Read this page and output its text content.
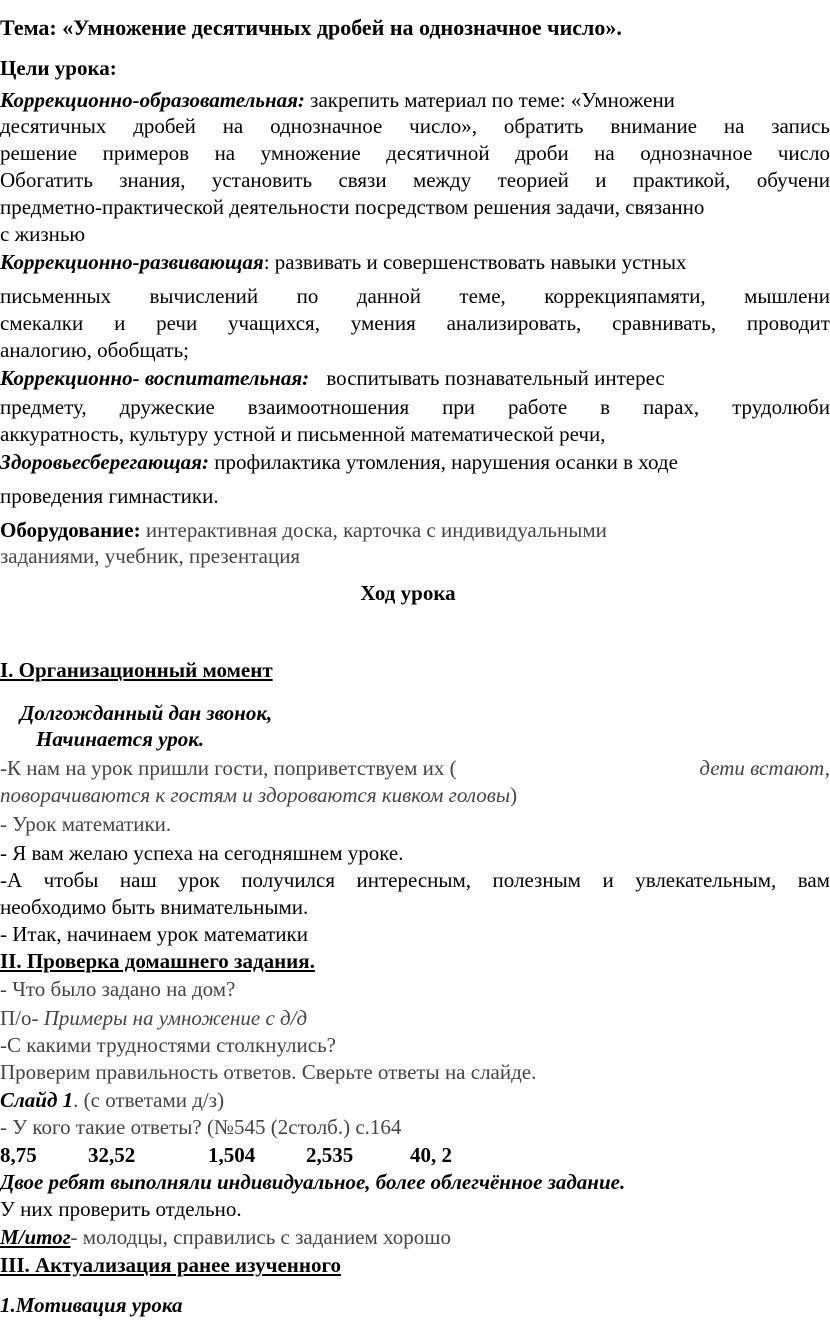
Тема: «Умножение десятичных дробей на однозначное число».
Цели урока:
Коррекционно-образовательная: закрепить материал по теме: «Умножени
десятичных дробей на однозначное число», обратить внимание на запись
решение примеров на умножение десятичной дроби на однозначное число
Обогатить знания, установить связи между теорией и практикой, обучени
предметно-практической деятельности посредством решения задачи, связанно
с жизнью
Коррекционно-развивающая: развивать и совершенствовать навыки устных
письменных вычислений по данной теме, коррекцияпамяти, мышлени
смекалки и речи учащихся, умения анализировать, сравнивать, проводит
аналогию, обобщать;
Коррекционно- воспитательная: воспитывать познавательный интерес
предмету, дружеские взаимоотношения при работе в парах, трудолюби
аккуратность, культуру устной и письменной математической речи,
Здоровьесберегающая: профилактика утомления, нарушения осанки в ходе
проведения гимнастики.
Оборудование: интерактивная доска, карточка с индивидуальными
заданиями, учебник, презентация
Ход урока
I. Организационный момент
Долгожданный дан звонок,
Начинается урок.
-К нам на урок пришли гости, поприветствуем их (	дети встают,
поворачиваются к гостям и здороваются кивком головы)
- Урок математики.
- Я вам желаю успеха на сегодняшнем уроке.
-А чтобы наш урок получился интересным, полезным и увлекательным, вам
необходимо быть внимательными.
- Итак, начинаем урок математики
II. Проверка домашнего задания.
- Что было задано на дом?
П/о- Примеры на умножение с д/д
-С какими трудностями столкнулись?
Проверим правильность ответов. Сверьте ответы на слайде.
Слайд 1. (с ответами д/з)
- У кого такие ответы? (№545 (2столб.) с.164
8,75 32,52	1,504 2,535	40, 2
Двое ребят выполняли индивидуальное, более облегчённое задание.
У них проверить отдельно.
М/итог- молодцы, справились с заданием хорошо
III. Актуализация ранее изученного
1.Мотивация урока
